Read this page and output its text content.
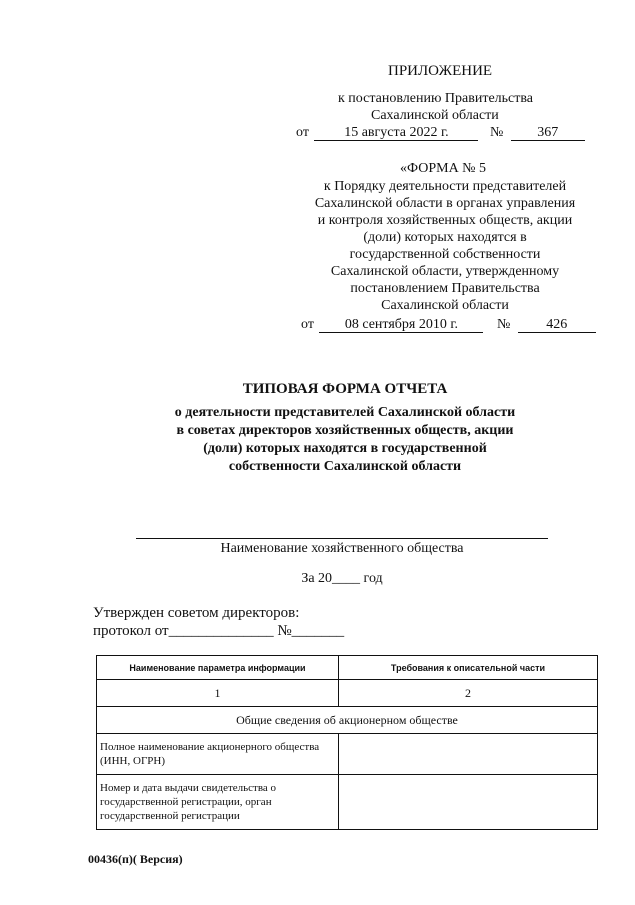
ПРИЛОЖЕНИЕ
к постановлению Правительства
Сахалинской области
от	15 августа 2022 г.	№ 367
«ФОРМА № 5
к Порядку деятельности представителей
Сахалинской области в органах управления
и контроля хозяйственных обществ, акции
(доли) которых находятся в
государственной собственности
Сахалинской области, утвержденному
постановлением Правительства
Сахалинской области
от 08 сентября 2010 г.	№	426
ТИПОВАЯ ФОРМА ОТЧЕТА
о деятельности представителей Сахалинской области
в советах директоров хозяйственных обществ, акции
(доли) которых находятся в государственной
собственности Сахалинской области
Наименование хозяйственного общества
За 20____ год
Утвержден советом директоров:
протокол от______________ №_______
Наименование параметра информации	Требования к описательной части
1	2
Общие сведения об акционерном обществе	
Полное наименование акционерного общества (ИНН, ОГРН)	
Номер и дата выдачи свидетельства о государственной регистрации, орган государственной регистрации	
00436(п)( Версия)
